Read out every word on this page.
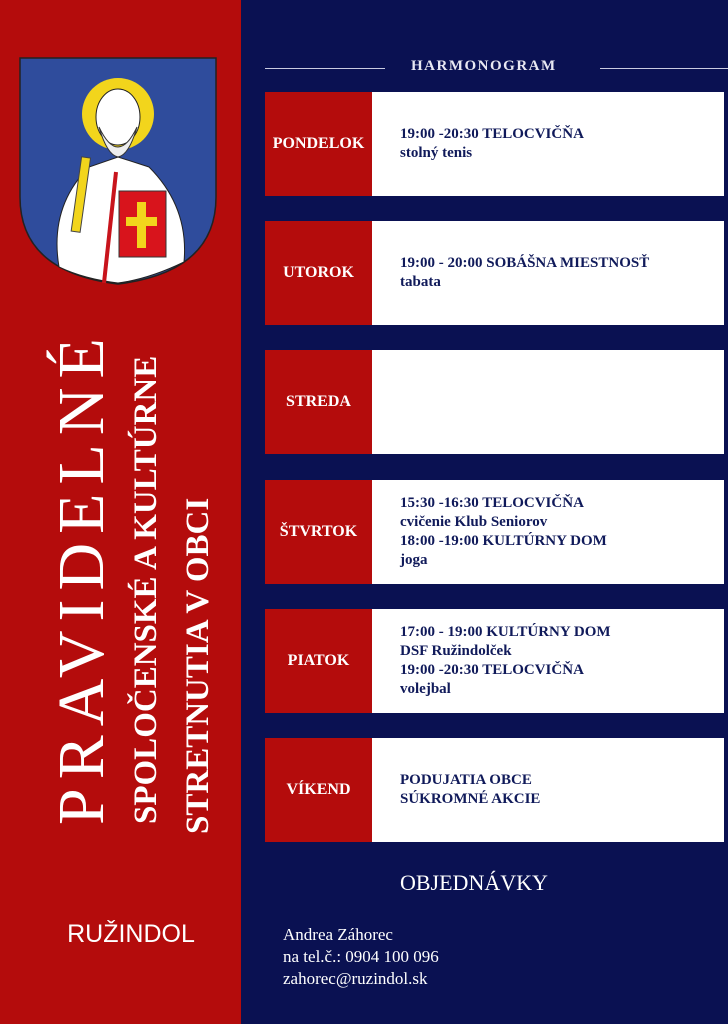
PRAVIDELNÉ SPOLOČENSKÉ A KULTÚRNE STRETNUTIA V OBCI
RUŽINDOL
HARMONOGRAM
PONDELOK
19:00 -20:30 TELOCVIČŇA
stolný tenis
UTOROK
19:00 - 20:00 SOBÁŠNA MIESTNOSŤ
tabata
STREDA
ŠTVRTOK
15:30 -16:30 TELOCVIČŇA
cvičenie Klub Seniorov
18:00 -19:00 KULTÚRNY DOM
joga
PIATOK
17:00 - 19:00 KULTÚRNY DOM
DSF Ružindolček
19:00 -20:30 TELOCVIČŇA
volejbal
VÍKEND
PODUJATIA OBCE
SÚKROMNÉ AKCIE
OBJEDNÁVKY
Andrea Záhorec
na tel.č.: 0904 100 096
zahorec@ruzindol.sk
